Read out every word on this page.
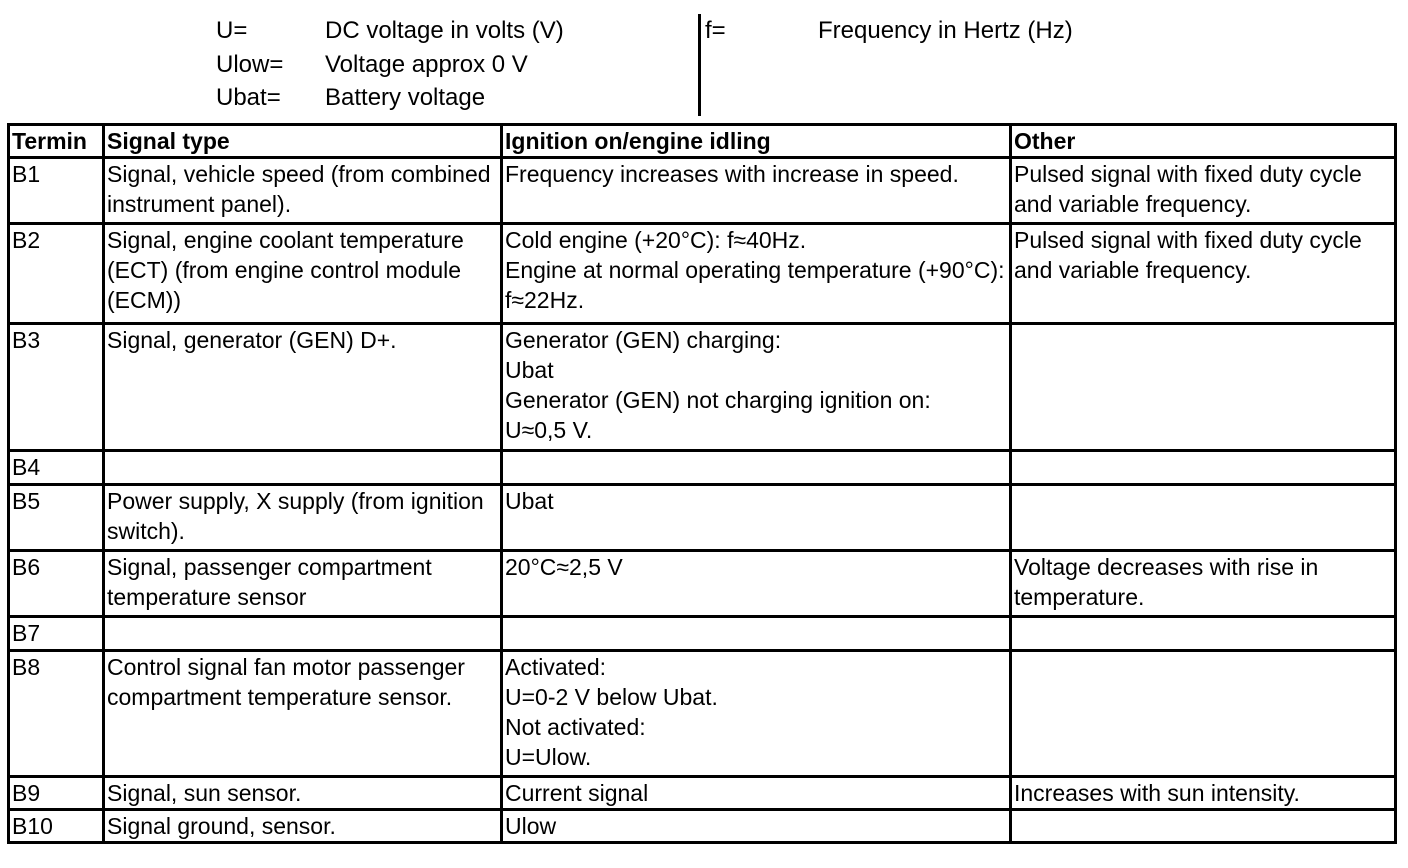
U=	DC voltage in volts (V)
Ulow= Voltage approx 0 V
Ubat= Battery voltage
f=	Frequency in Hertz (Hz)
Termin	Signal type	Ignition on/engine idling	Other
B1	Signal, vehicle speed (from combined instrument panel).	Frequency increases with increase in speed.	Pulsed signal with fixed duty cycle and variable frequency.
B2	Signal, engine coolant temperature (ECT) (from engine control module (ECM))	Cold engine (+20°C): f≈40Hz.
Engine at normal operating temperature (+90°C): f≈22Hz.	Pulsed signal with fixed duty cycle and variable frequency.
B3	Signal, generator (GEN) D+.	Generator (GEN) charging:
Ubat
Generator (GEN) not charging ignition on:
U≈0,5 V.	
B4			
B5	Power supply, X supply (from ignition switch).	Ubat	
B6	Signal, passenger compartment temperature sensor	20°C≈2,5 V	Voltage decreases with rise in temperature.
B7			
B8	Control signal fan motor passenger compartment temperature sensor.	Activated:
U=0-2 V below Ubat.
Not activated:
U=Ulow.	
B9	Signal, sun sensor.	Current signal	Increases with sun intensity.
B10	Signal ground, sensor.	Ulow	
